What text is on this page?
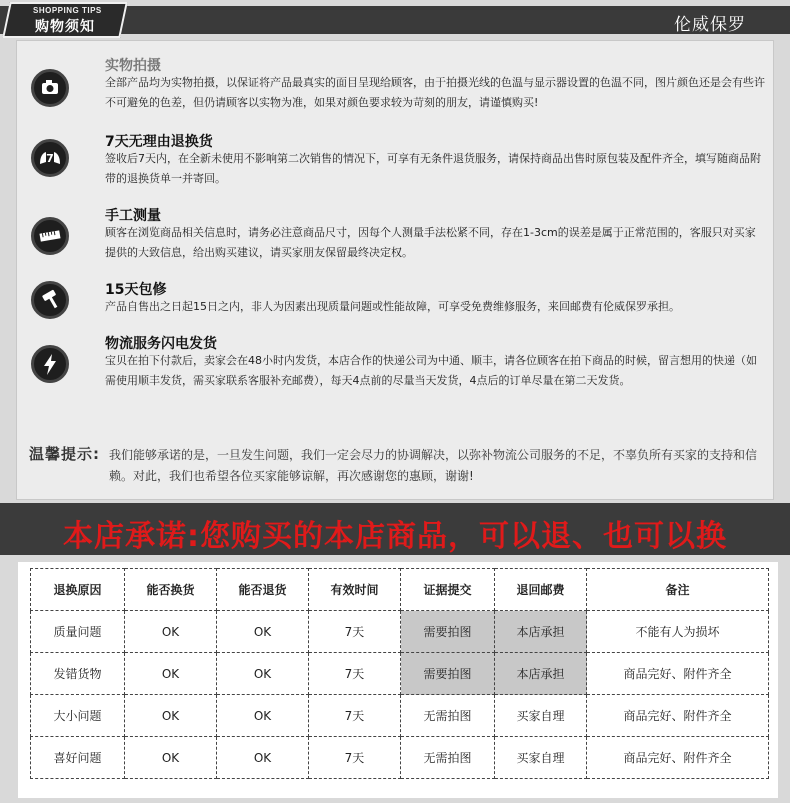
SHOPPING TIPS
购物须知	伦威保罗
实物拍摄
全部产品均为实物拍摄，以保证将产品最真实的面目呈现给顾客，由于拍摄光线的色温与显示器设置的色温不同，图片颜色还是会有些许不可避免的色差，但仍请顾客以实物为准，如果对颜色要求较为苛刻的朋友，请谨慎购买!
7
7天无理由退换货
签收后7天内，在全新未使用不影响第二次销售的情况下，可享有无条件退货服务，请保持商品出售时原包装及配件齐全，填写随商品附带的退换货单一并寄回。
手工测量
顾客在浏览商品相关信息时，请务必注意商品尺寸，因每个人测量手法松紧不同，存在1-3cm的误差是属于正常范围的，客服只对买家提供的大致信息，给出购买建议，请买家朋友保留最终决定权。
15天包修
产品自售出之日起15日之内，非人为因素出现质量问题或性能故障，可享受免费维修服务，来回邮费有伦威保罗承担。
物流服务闪电发货
宝贝在拍下付款后，卖家会在48小时内发货，本店合作的快递公司为中通、顺丰，请各位顾客在拍下商品的时候，留言想用的快递（如需使用顺丰发货，需买家联系客服补充邮费），每天4点前的尽量当天发货，4点后的订单尽量在第二天发货。
温馨提示: 我们能够承诺的是，一旦发生问题，我们一定会尽力的协调解决，以弥补物流公司服务的不足，不辜负所有买家的支持和信赖。对此，我们也希望各位买家能够谅解，再次感谢您的惠顾，谢谢!
本店承诺:您购买的本店商品，可以退、也可以换
退换原因	能否换货	能否退货	有效时间	证据提交	退回邮费	备注
质量问题	OK	OK	7天	需要拍图	本店承担	不能有人为损坏
发错货物	OK	OK	7天	需要拍图	本店承担	商品完好、附件齐全
大小问题	OK	OK	7天	无需拍图	买家自理	商品完好、附件齐全
喜好问题	OK	OK	7天	无需拍图	买家自理	商品完好、附件齐全
